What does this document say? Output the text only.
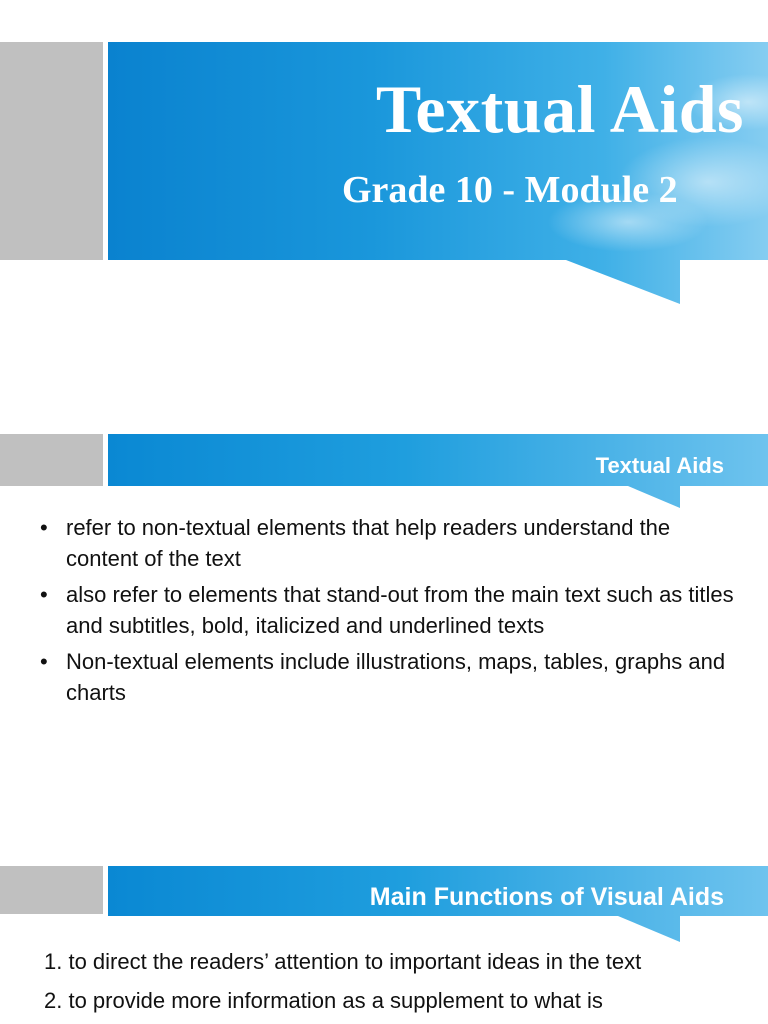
Textual Aids
Grade 10 - Module 2
Textual Aids
• refer to non-textual elements that help readers understand the content of the text
• also refer to elements that stand-out from the main text such as titles and subtitles, bold, italicized and underlined texts
• Non-textual elements include illustrations, maps, tables, graphs and charts
Main Functions of Visual Aids

1. to direct the readers’ attention to important ideas in the text

2. to provide more information as a supplement to what is
